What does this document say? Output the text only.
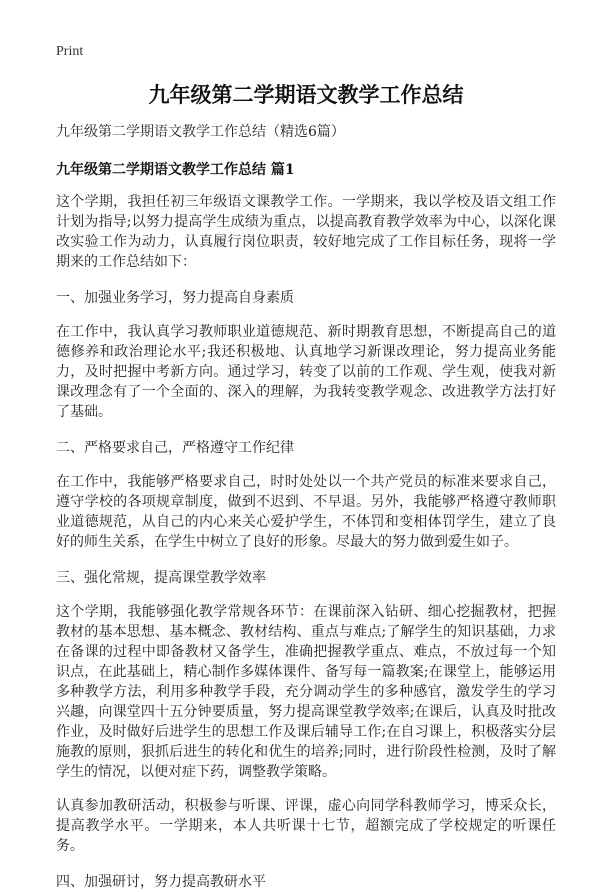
Print

九年级第二学期语文教学工作总结

九年级第二学期语文教学工作总结（精选6篇）

九年级第二学期语文教学工作总结 篇1

这个学期，我担任初三年级语文课教学工作。一学期来，我以学校及语文组工作计划为指导;以努力提高学生成绩为重点，以提高教育教学效率为中心，以深化课改实验工作为动力，认真履行岗位职责，较好地完成了工作目标任务，现将一学期来的工作总结如下：

一、加强业务学习，努力提高自身素质

在工作中，我认真学习教师职业道德规范、新时期教育思想，不断提高自己的道德修养和政治理论水平;我还积极地、认真地学习新课改理论，努力提高业务能力，及时把握中考新方向。通过学习，转变了以前的工作观、学生观，使我对新课改理念有了一个全面的、深入的理解，为我转变教学观念、改进教学方法打好了基础。

二、严格要求自己，严格遵守工作纪律

在工作中，我能够严格要求自己，时时处处以一个共产党员的标准来要求自己，遵守学校的各项规章制度，做到不迟到、不早退。另外，我能够严格遵守教师职业道德规范，从自己的内心来关心爱护学生，不体罚和变相体罚学生，建立了良好的师生关系，在学生中树立了良好的形象。尽最大的努力做到爱生如子。

三、强化常规，提高课堂教学效率

这个学期，我能够强化教学常规各环节：在课前深入钻研、细心挖掘教材，把握教材的基本思想、基本概念、教材结构、重点与难点;了解学生的知识基础，力求在备课的过程中即备教材又备学生，准确把握教学重点、难点，不放过每一个知识点，在此基础上，精心制作多媒体课件、备写每一篇教案;在课堂上，能够运用多种教学方法，利用多种教学手段，充分调动学生的多种感官，激发学生的学习兴趣，向课堂四十五分钟要质量，努力提高课堂教学效率;在课后，认真及时批改作业，及时做好后进学生的思想工作及课后辅导工作;在自习课上，积极落实分层施教的原则，狠抓后进生的转化和优生的培养;同时，进行阶段性检测，及时了解学生的情况，以便对症下药，调整教学策略。

认真参加教研活动，积极参与听课、评课，虚心向同学科教师学习，博采众长，提高教学水平。一学期来，本人共听课十七节，超额完成了学校规定的听课任务。

四、加强研讨，努力提高教研水平
